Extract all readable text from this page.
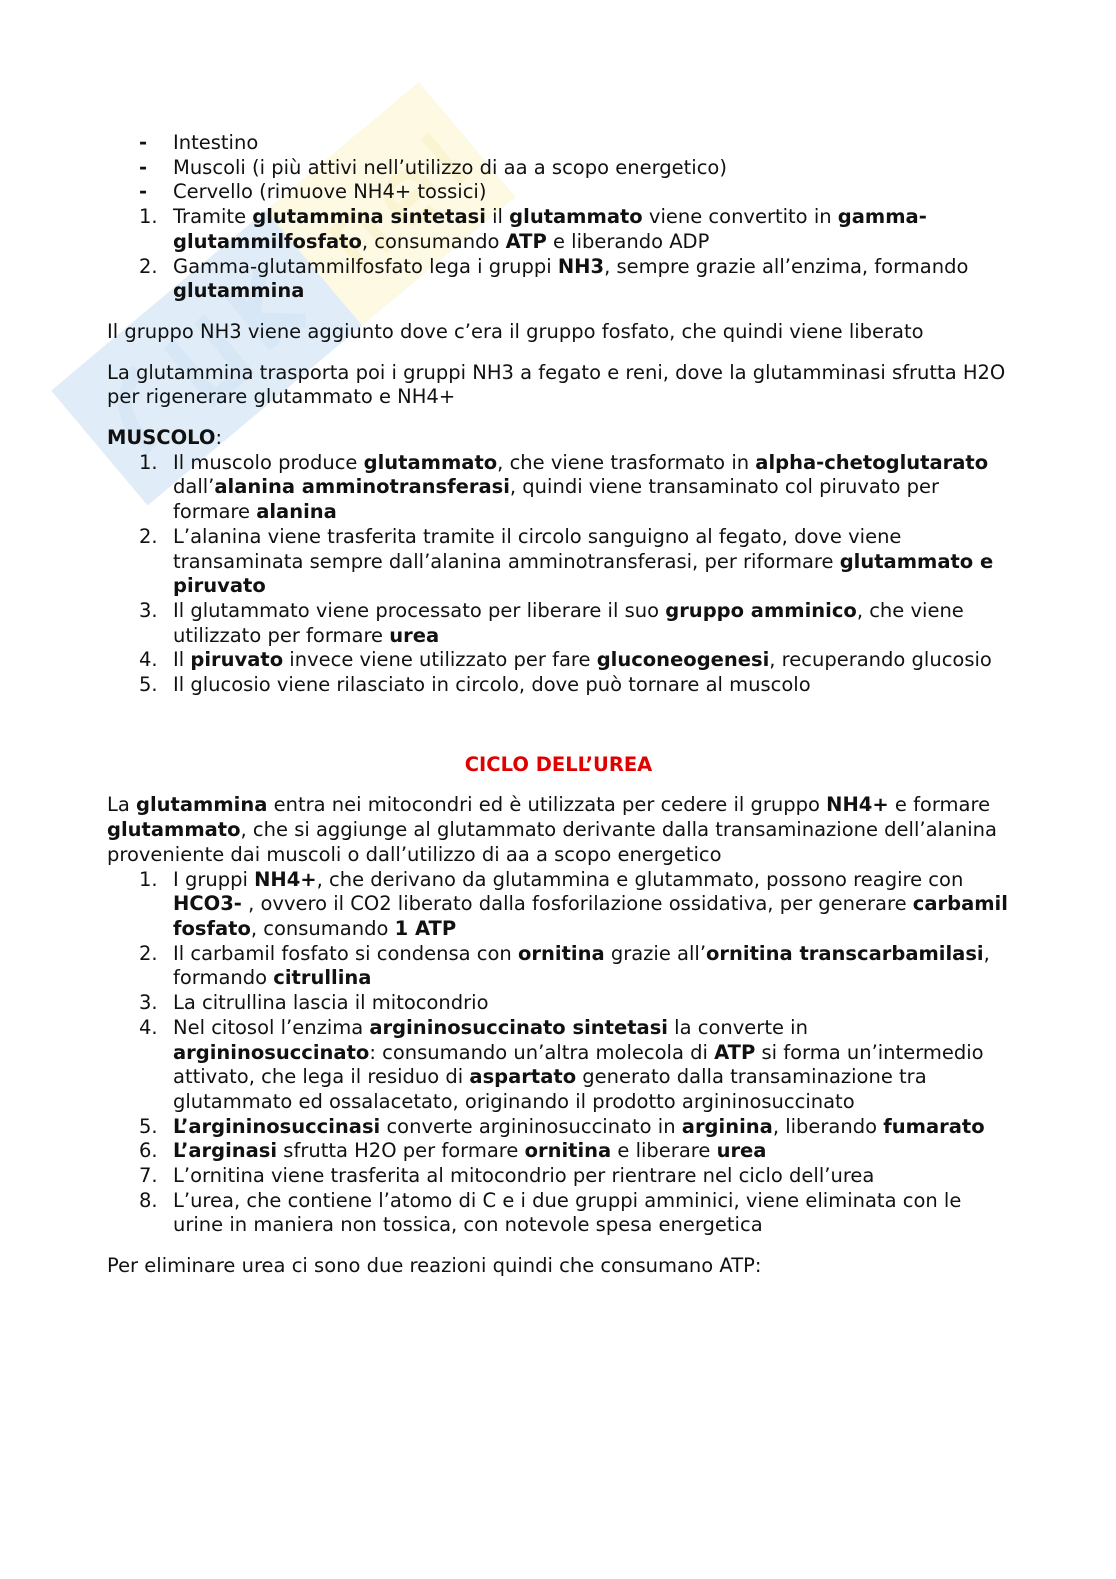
-	Intestino
-	Muscoli (i più attivi nell’utilizzo di aa a scopo energetico)
-	Cervello (rimuove NH4+ tossici)
1. Tramite glutammina sintetasi il glutammato viene convertito in gamma-glutammilfosfato, consumando ATP e liberando ADP
2. Gamma-glutammilfosfato lega i gruppi NH3, sempre grazie all’enzima, formando glutammina

Il gruppo NH3 viene aggiunto dove c’era il gruppo fosfato, che quindi viene liberato

La glutammina trasporta poi i gruppi NH3 a fegato e reni, dove la glutamminasi sfrutta H2O per rigenerare glutammato e NH4+

MUSCOLO:

1. Il muscolo produce glutammato, che viene trasformato in alpha-chetoglutarato dall’alanina amminotransferasi, quindi viene transaminato col piruvato per formare alanina
2. L’alanina viene trasferita tramite il circolo sanguigno al fegato, dove viene transaminata sempre dall’alanina amminotransferasi, per riformare glutammato e piruvato
3. Il glutammato viene processato per liberare il suo gruppo amminico, che viene utilizzato per formare urea
4. Il piruvato invece viene utilizzato per fare gluconeogenesi, recuperando glucosio
5. Il glucosio viene rilasciato in circolo, dove può tornare al muscolo
CICLO DELL’UREA

La glutammina entra nei mitocondri ed è utilizzata per cedere il gruppo NH4+ e formare glutammato, che si aggiunge al glutammato derivante dalla transaminazione dell’alanina proveniente dai muscoli o dall’utilizzo di aa a scopo energetico

1. I gruppi NH4+, che derivano da glutammina e glutammato, possono reagire con HCO3- , ovvero il CO2 liberato dalla fosforilazione ossidativa, per generare carbamil fosfato, consumando 1 ATP
2. Il carbamil fosfato si condensa con ornitina grazie all’ornitina transcarbamilasi, formando citrullina
3. La citrullina lascia il mitocondrio
4. Nel citosol l’enzima argininosuccinato sintetasi la converte in argininosuccinato: consumando un’altra molecola di ATP si forma un’intermedio attivato, che lega il residuo di aspartato generato dalla transaminazione tra glutammato ed ossalacetato, originando il prodotto argininosuccinato
5. L’argininosuccinasi converte argininosuccinato in arginina, liberando fumarato
6. L’arginasi sfrutta H2O per formare ornitina e liberare urea
7. L’ornitina viene trasferita al mitocondrio per rientrare nel ciclo dell’urea
8. L’urea, che contiene l’atomo di C e i due gruppi amminici, viene eliminata con le urine in maniera non tossica, con notevole spesa energetica

Per eliminare urea ci sono due reazioni quindi che consumano ATP:
